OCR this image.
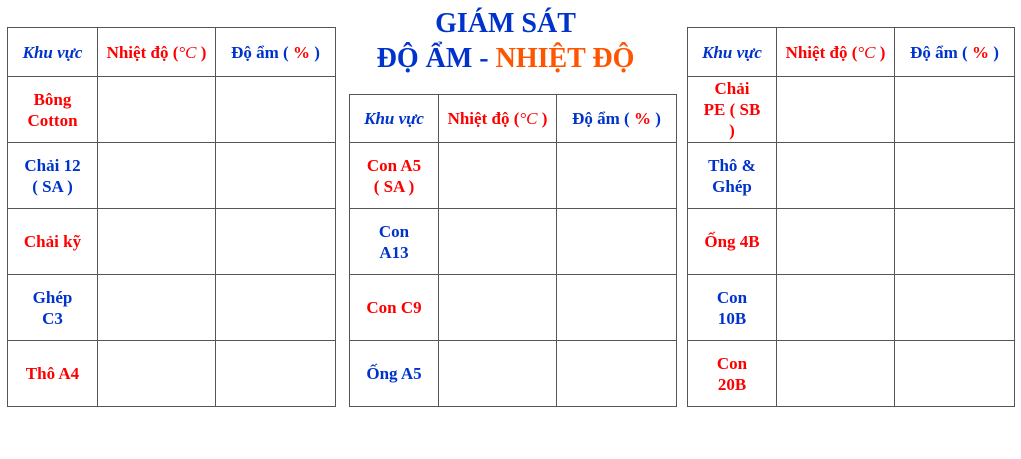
GIÁM SÁT
ĐỘ ẨM - NHIỆT ĐỘ
Khu vực	Nhiệt độ (°C )	Độ ẩm ( % )
Bông Cotton		
Chải 12 ( SA )		
Chải kỹ		
Ghép C3		
Thô A4		
Khu vực	Nhiệt độ (°C )	Độ ẩm ( % )
Con A5 ( SA )		
Con A13		
Con C9		
Ống A5		
Khu vực	Nhiệt độ (°C )	Độ ẩm ( % )
Chải PE ( SB )		
Thô & Ghép		
Ống 4B		
Con 10B		
Con 20B		
